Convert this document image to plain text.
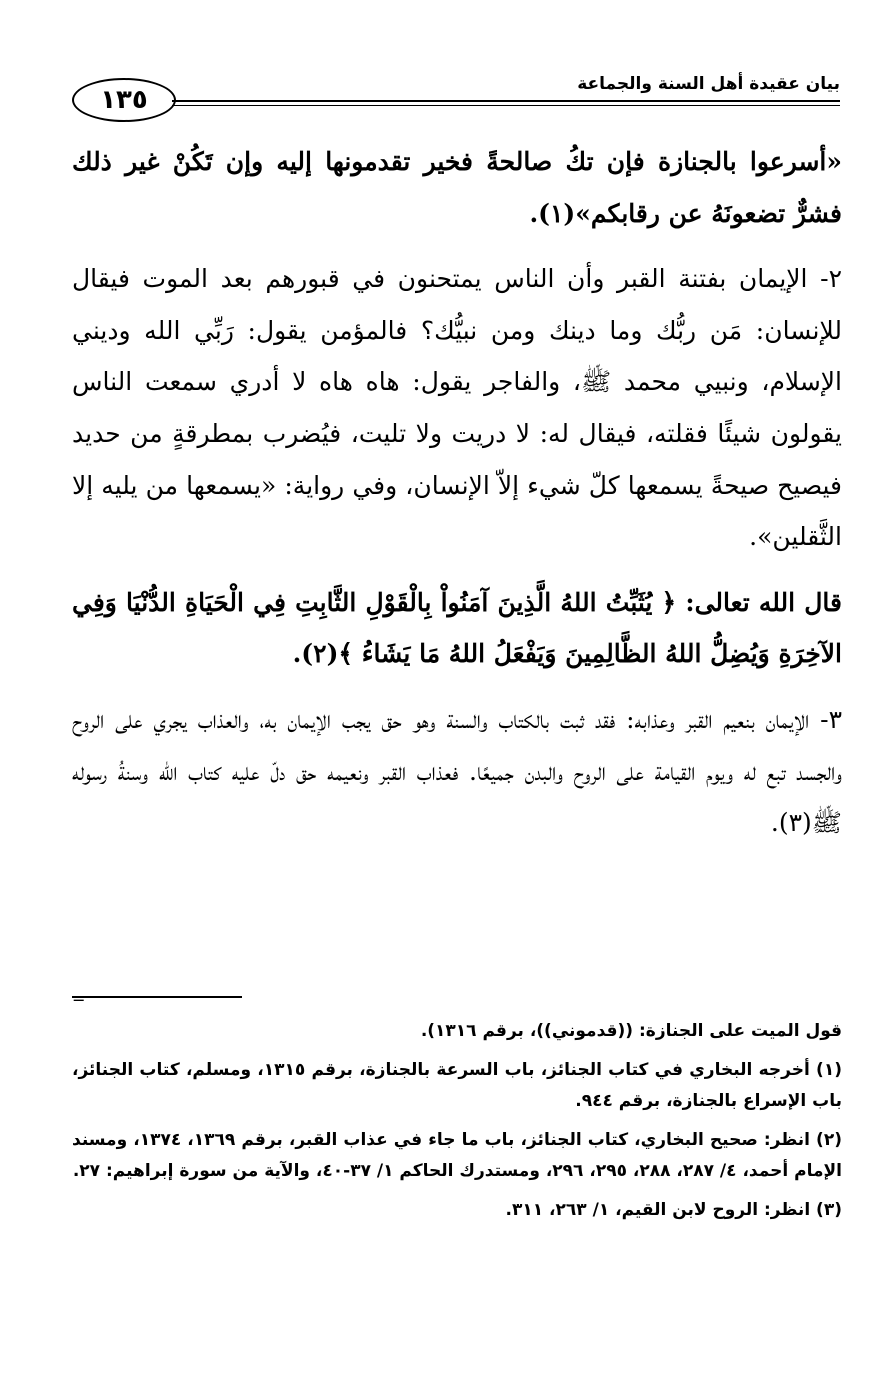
١٣٥
بيان عقيدة أهل السنة والجماعة

«أسرعوا بالجنازة فإن تكُ صالحةً فخير تقدمونها إليه وإن تَكُنْ غير ذلك فشرٌّ تضعونَهُ عن رقابكم»(١).

٢- الإيمان بفتنة القبر وأن الناس يمتحنون في قبورهم بعد الموت فيقال للإنسان: مَن ربُّك وما دينك ومن نبيُّك؟ فالمؤمن يقول: رَبِّي الله وديني الإسلام، ونبيي محمد ﷺ، والفاجر يقول: هاه هاه لا أدري سمعت الناس يقولون شيئًا فقلته، فيقال له: لا دريت ولا تليت، فيُضرب بمطرقةٍ من حديد فيصيح صيحةً يسمعها كلّ شيء إلاّ الإنسان، وفي رواية: «يسمعها من يليه إلا الثَّقلين».

قال الله تعالى: ﴿ يُثَبِّتُ اللهُ الَّذِينَ آمَنُواْ بِالْقَوْلِ الثَّابِتِ فِي الْحَيَاةِ الدُّنْيَا وَفِي الآخِرَةِ وَيُضِلُّ اللهُ الظَّالِمِينَ وَيَفْعَلُ اللهُ مَا يَشَاءُ ﴾(٢).

٣- الإيمان بنعيم القبر وعذابه: فقد ثبت بالكتاب والسنة وهو حق يجب الإيمان به، والعذاب يجري على الروح والجسد تبع له ويوم القيامة على الروح والبدن جميعًا. فعذاب القبر ونعيمه حق دلّ عليه كتاب الله وسنةُ رسوله ﷺ(٣).

=

قول الميت على الجنازة: ((قدموني))، برقم ١٣١٦).

(١) أخرجه البخاري في كتاب الجنائز، باب السرعة بالجنازة، برقم ١٣١٥، ومسلم، كتاب الجنائز، باب الإسراع بالجنازة، برقم ٩٤٤.

(٢) انظر: صحيح البخاري، كتاب الجنائز، باب ما جاء في عذاب القبر، برقم ١٣٦٩، ١٣٧٤، ومسند الإمام أحمد، ٤/ ٢٨٧، ٢٨٨، ٢٩٥، ٢٩٦، ومستدرك الحاكم ١/ ٣٧-٤٠، والآية من سورة إبراهيم: ٢٧.

(٣) انظر: الروح لابن القيم، ١/ ٢٦٣، ٣١١.
